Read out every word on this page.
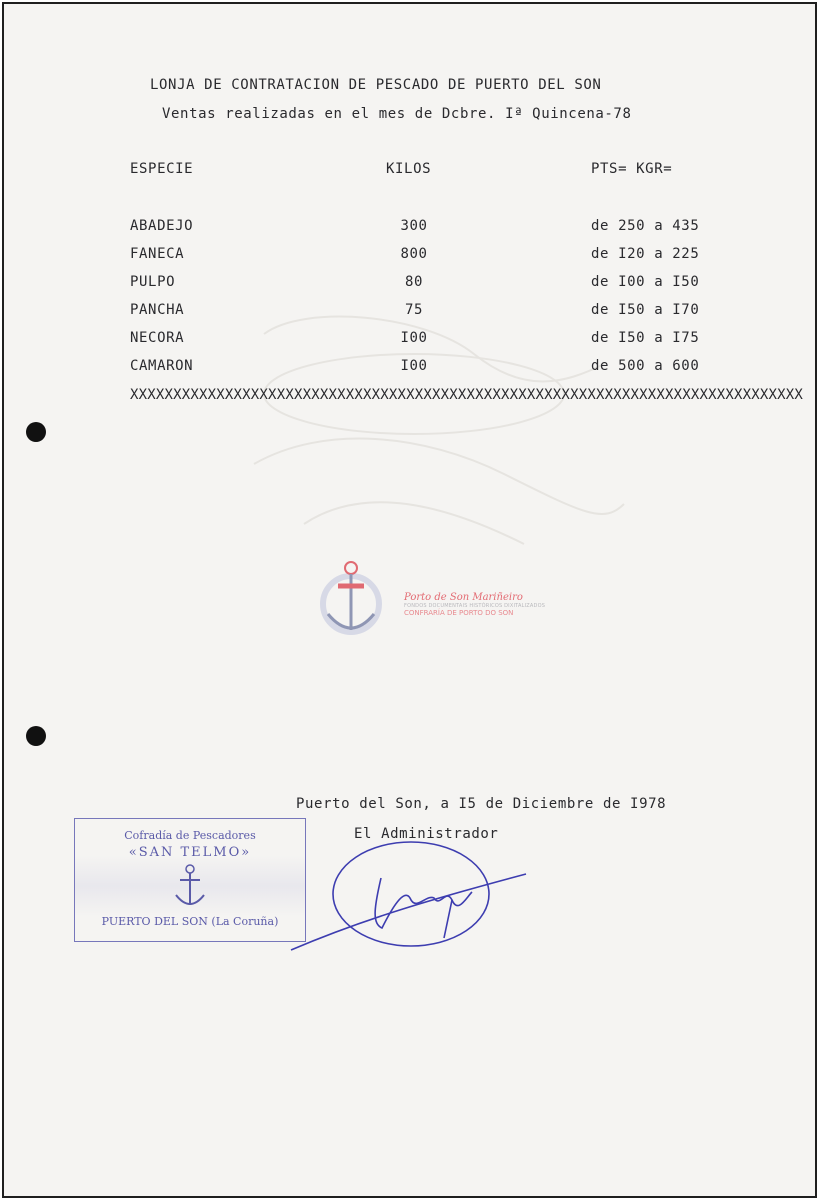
LONJA DE CONTRATACION DE PESCADO DE PUERTO DEL SON
Ventas realizadas en el mes de Dcbre. Iª Quincena-78
ESPECIE	KILOS	PTS= KGR=
ABADEJO	300	de 250 a 435
FANECA	800	de I20 a 225
PULPO	80	de I00 a I50
PANCHA	75	de I50 a I70
NECORA	I00	de I50 a I75
CAMARON	I00	de 500 a 600
XXXXXXXXXXXXXXXXXXXXXXXXXXXXXXXXXXXXXXXXXXXXXXXXXXXXXXXXXXXXXXXXXXXXXXXXXXXXXX
Porto de Son Mariñeiro
FONDOS DOCUMENTAIS HISTÓRICOS DIXITALIZADOS
CONFRARÍA DE PORTO DO SON
Puerto del Son, a I5 de Diciembre de I978
El Administrador
Cofradía de Pescadores
«SAN TELMO»
PUERTO DEL SON (La Coruña)
